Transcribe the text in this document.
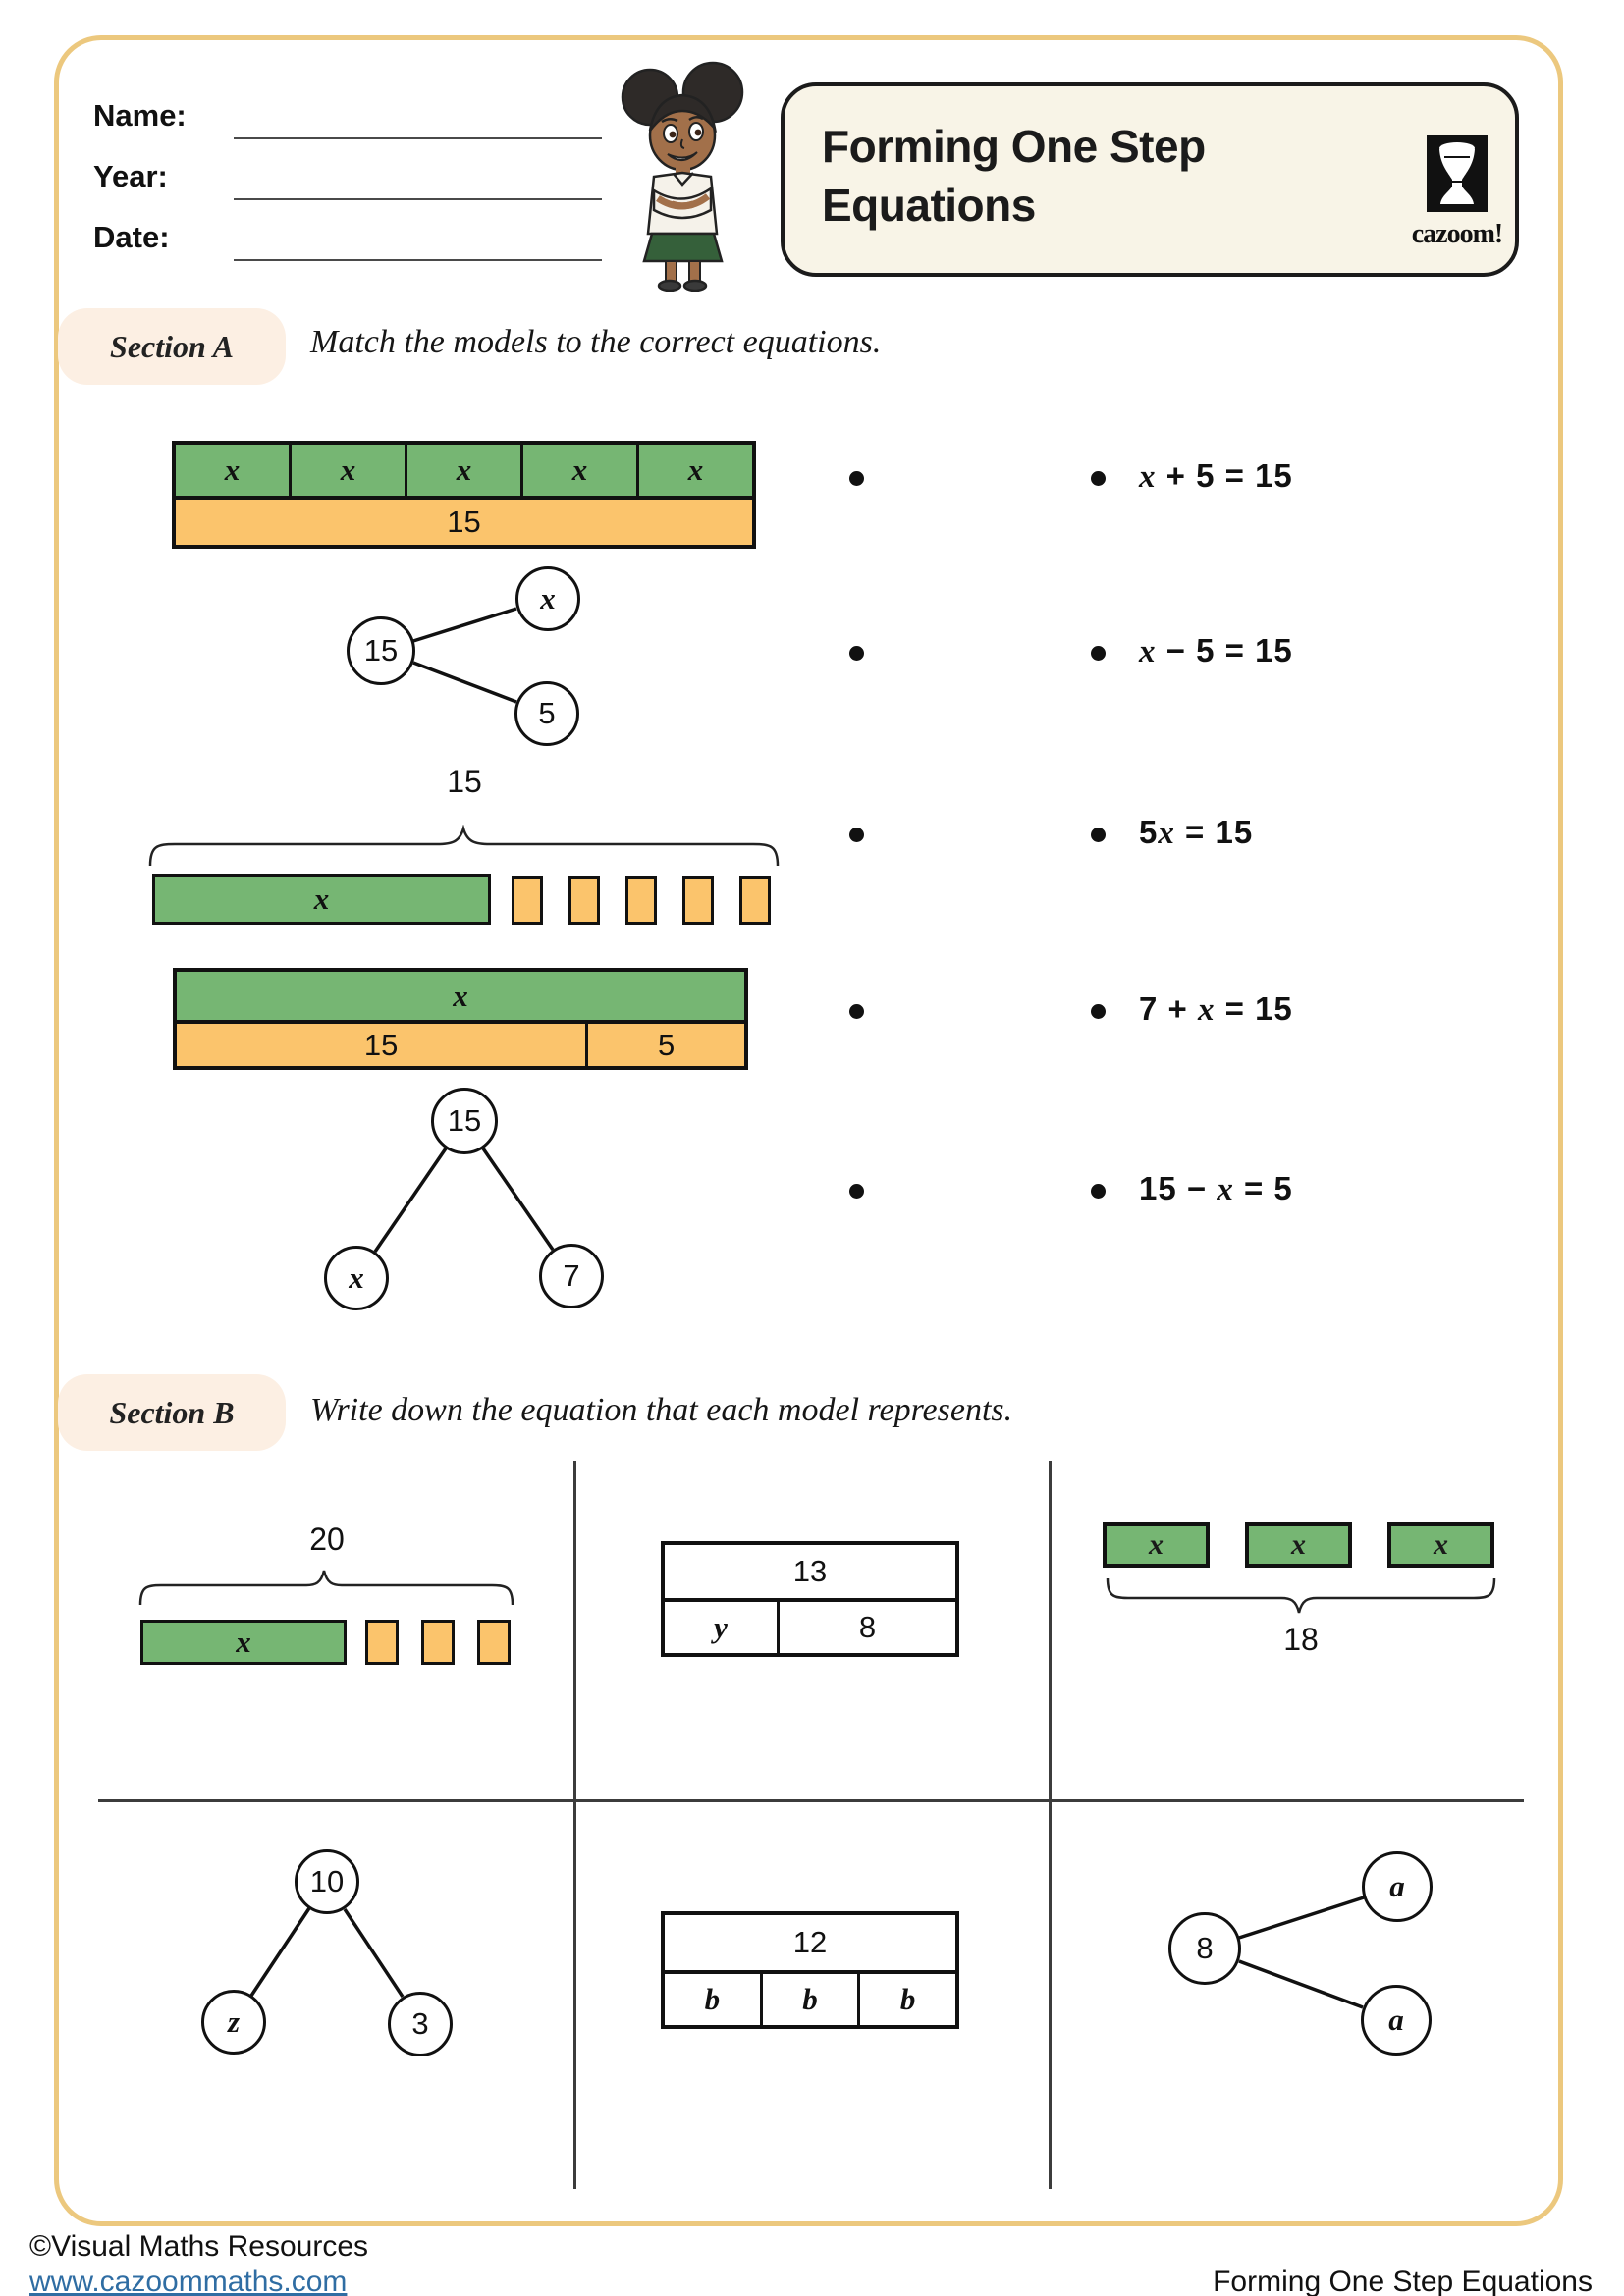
Name:
Year:
Date:
Forming One Step Equations
cazoom!
Section A	Match the models to the correct equations.
x	x	x	x	x
15
15
x
5
15
x
x
15	5
15
x	7
x + 5 = 15
x − 5 = 15
5x = 15
7 + x = 15
15 − x = 5
Section B	Write down the equation that each model represents.
20
x
13
y	8
x	x	x
18
10
z	3
12
b	b	b
8
a
a
©Visual Maths Resources
www.cazoommaths.com	Forming One Step Equations
